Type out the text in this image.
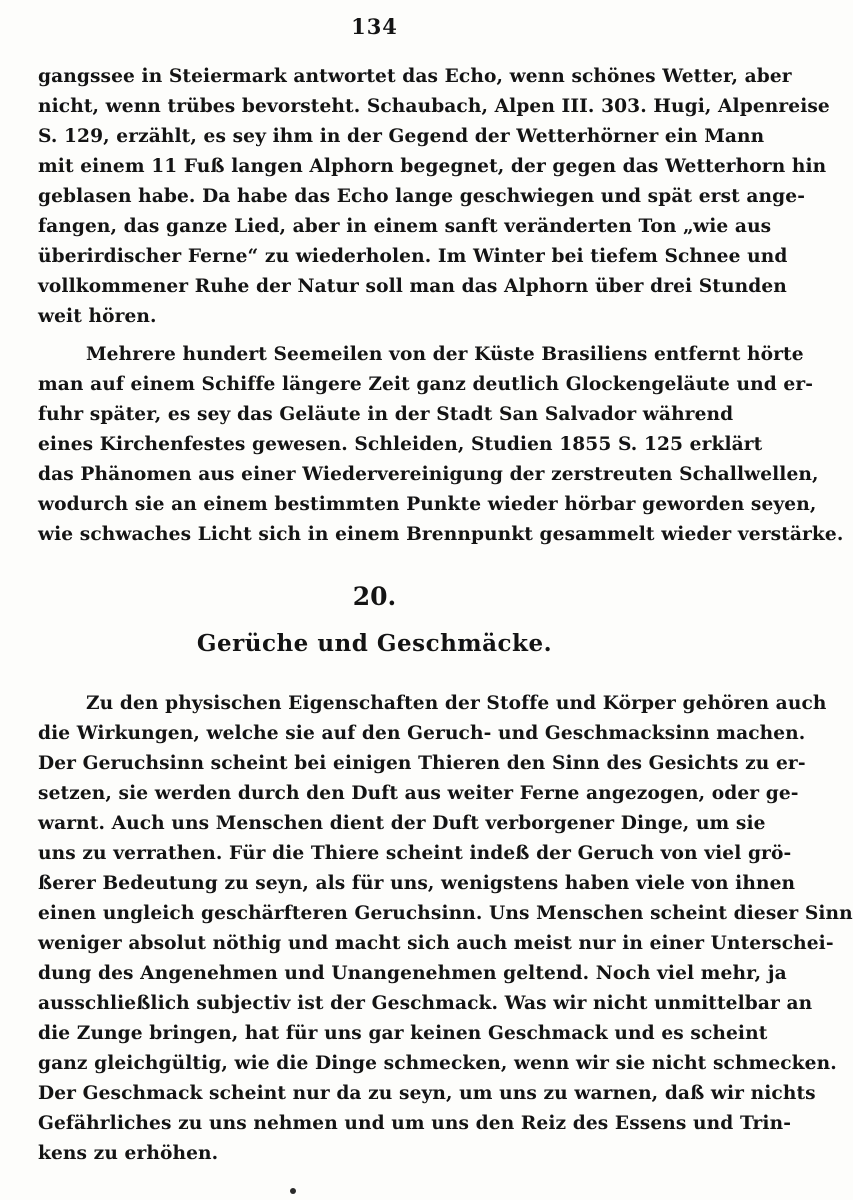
134
gangssee in Steiermark antwortet das Echo, wenn schönes Wetter, aber
nicht, wenn trübes bevorsteht. Schaubach, Alpen III. 303. Hugi, Alpenreise
S. 129, erzählt, es sey ihm in der Gegend der Wetterhörner ein Mann
mit einem 11 Fuß langen Alphorn begegnet, der gegen das Wetterhorn hin
geblasen habe. Da habe das Echo lange geschwiegen und spät erst ange-
fangen, das ganze Lied, aber in einem sanft veränderten Ton „wie aus
überirdischer Ferne“ zu wiederholen. Im Winter bei tiefem Schnee und
vollkommener Ruhe der Natur soll man das Alphorn über drei Stunden
weit hören.
Mehrere hundert Seemeilen von der Küste Brasiliens entfernt hörte
man auf einem Schiffe längere Zeit ganz deutlich Glockengeläute und er-
fuhr später, es sey das Geläute in der Stadt San Salvador während
eines Kirchenfestes gewesen. Schleiden, Studien 1855 S. 125 erklärt
das Phänomen aus einer Wiedervereinigung der zerstreuten Schallwellen,
wodurch sie an einem bestimmten Punkte wieder hörbar geworden seyen,
wie schwaches Licht sich in einem Brennpunkt gesammelt wieder verstärke.
20.
Gerüche und Geschmäcke.
Zu den physischen Eigenschaften der Stoffe und Körper gehören auch
die Wirkungen, welche sie auf den Geruch- und Geschmacksinn machen.
Der Geruchsinn scheint bei einigen Thieren den Sinn des Gesichts zu er-
setzen, sie werden durch den Duft aus weiter Ferne angezogen, oder ge-
warnt. Auch uns Menschen dient der Duft verborgener Dinge, um sie
uns zu verrathen. Für die Thiere scheint indeß der Geruch von viel grö-
ßerer Bedeutung zu seyn, als für uns, wenigstens haben viele von ihnen
einen ungleich geschärfteren Geruchsinn. Uns Menschen scheint dieser Sinn
weniger absolut nöthig und macht sich auch meist nur in einer Unterschei-
dung des Angenehmen und Unangenehmen geltend. Noch viel mehr, ja
ausschließlich subjectiv ist der Geschmack. Was wir nicht unmittelbar an
die Zunge bringen, hat für uns gar keinen Geschmack und es scheint
ganz gleichgültig, wie die Dinge schmecken, wenn wir sie nicht schmecken.
Der Geschmack scheint nur da zu seyn, um uns zu warnen, daß wir nichts
Gefährliches zu uns nehmen und um uns den Reiz des Essens und Trin-
kens zu erhöhen.
